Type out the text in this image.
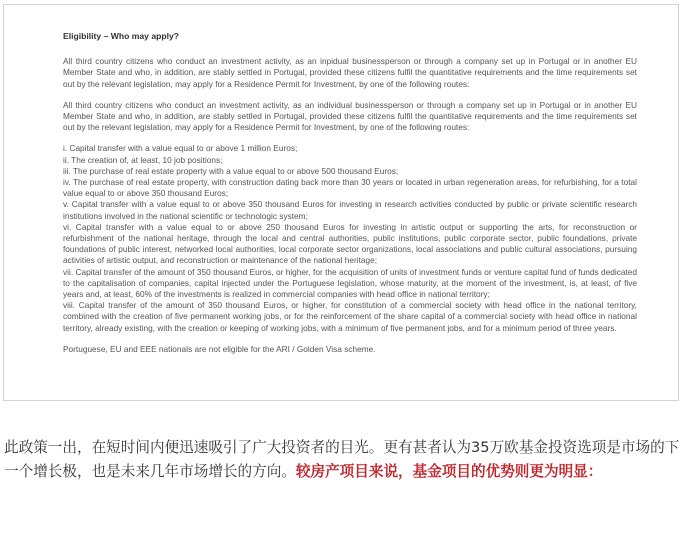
Eligibility – Who may apply?

All third country citizens who conduct an investment activity, as an inpidual businessperson or through a company set up in Portugal or in another EU Member State and who, in addition, are stably settled in Portugal, provided these citizens fulfil the quantitative requirements and the time requirements set out by the relevant legislation, may apply for a Residence Permit for Investment, by one of the following routes:

All third country citizens who conduct an investment activity, as an individual businessperson or through a company set up in Portugal or in another EU Member State and who, in addition, are stably settled in Portugal, provided these citizens fulfil the quantitative requirements and the time requirements set out by the relevant legislation, may apply for a Residence Permit for Investment, by one of the following routes:

i. Capital transfer with a value equal to or above 1 million Euros;

ii. The creation of, at least, 10 job positions;

iii. The purchase of real estate property with a value equal to or above 500 thousand Euros;

iv. The purchase of real estate property, with construction dating back more than 30 years or located in urban regeneration areas, for refurbishing, for a total value equal to or above 350 thousand Euros;

v. Capital transfer with a value equal to or above 350 thousand Euros for investing in research activities conducted by public or private scientific research institutions involved in the national scientific or technologic system;

vi. Capital transfer with a value equal to or above 250 thousand Euros for investing in artistic output or supporting the arts, for reconstruction or refurbishment of the national heritage, through the local and central authorities, public institutions, public corporate sector, public foundations, private foundations of public interest, networked local authorities, local corporate sector organizations, local associations and public cultural associations, pursuing activities of artistic output, and reconstruction or maintenance of the national heritage;

vii. Capital transfer of the amount of 350 thousand Euros, or higher, for the acquisition of units of investment funds or venture capital fund of funds dedicated to the capitalisation of companies, capital injected under the Portuguese legislation, whose maturity, at the moment of the investment, is, at least, of five years and, at least, 60% of the investments is realized in commercial companies with head office in national territory;

viii. Capital transfer of the amount of 350 thousand Euros, or higher, for constitution of a commercial society with head office in the national territory, combined with the creation of five permanent working jobs, or for the reinforcement of the share capital of a commercial society with head office in national territory, already existing, with the creation or keeping of working jobs, with a minimum of five permanent jobs, and for a minimum period of three years.

Portuguese, EU and EEE nationals are not eligible for the ARI / Golden Visa scheme.

此政策一出，在短时间内便迅速吸引了广大投资者的目光。更有甚者认为35万欧基金投资选项是市场的下一个增长极，也是未来几年市场增长的方向。较房产项目来说，基金项目的优势则更为明显：
